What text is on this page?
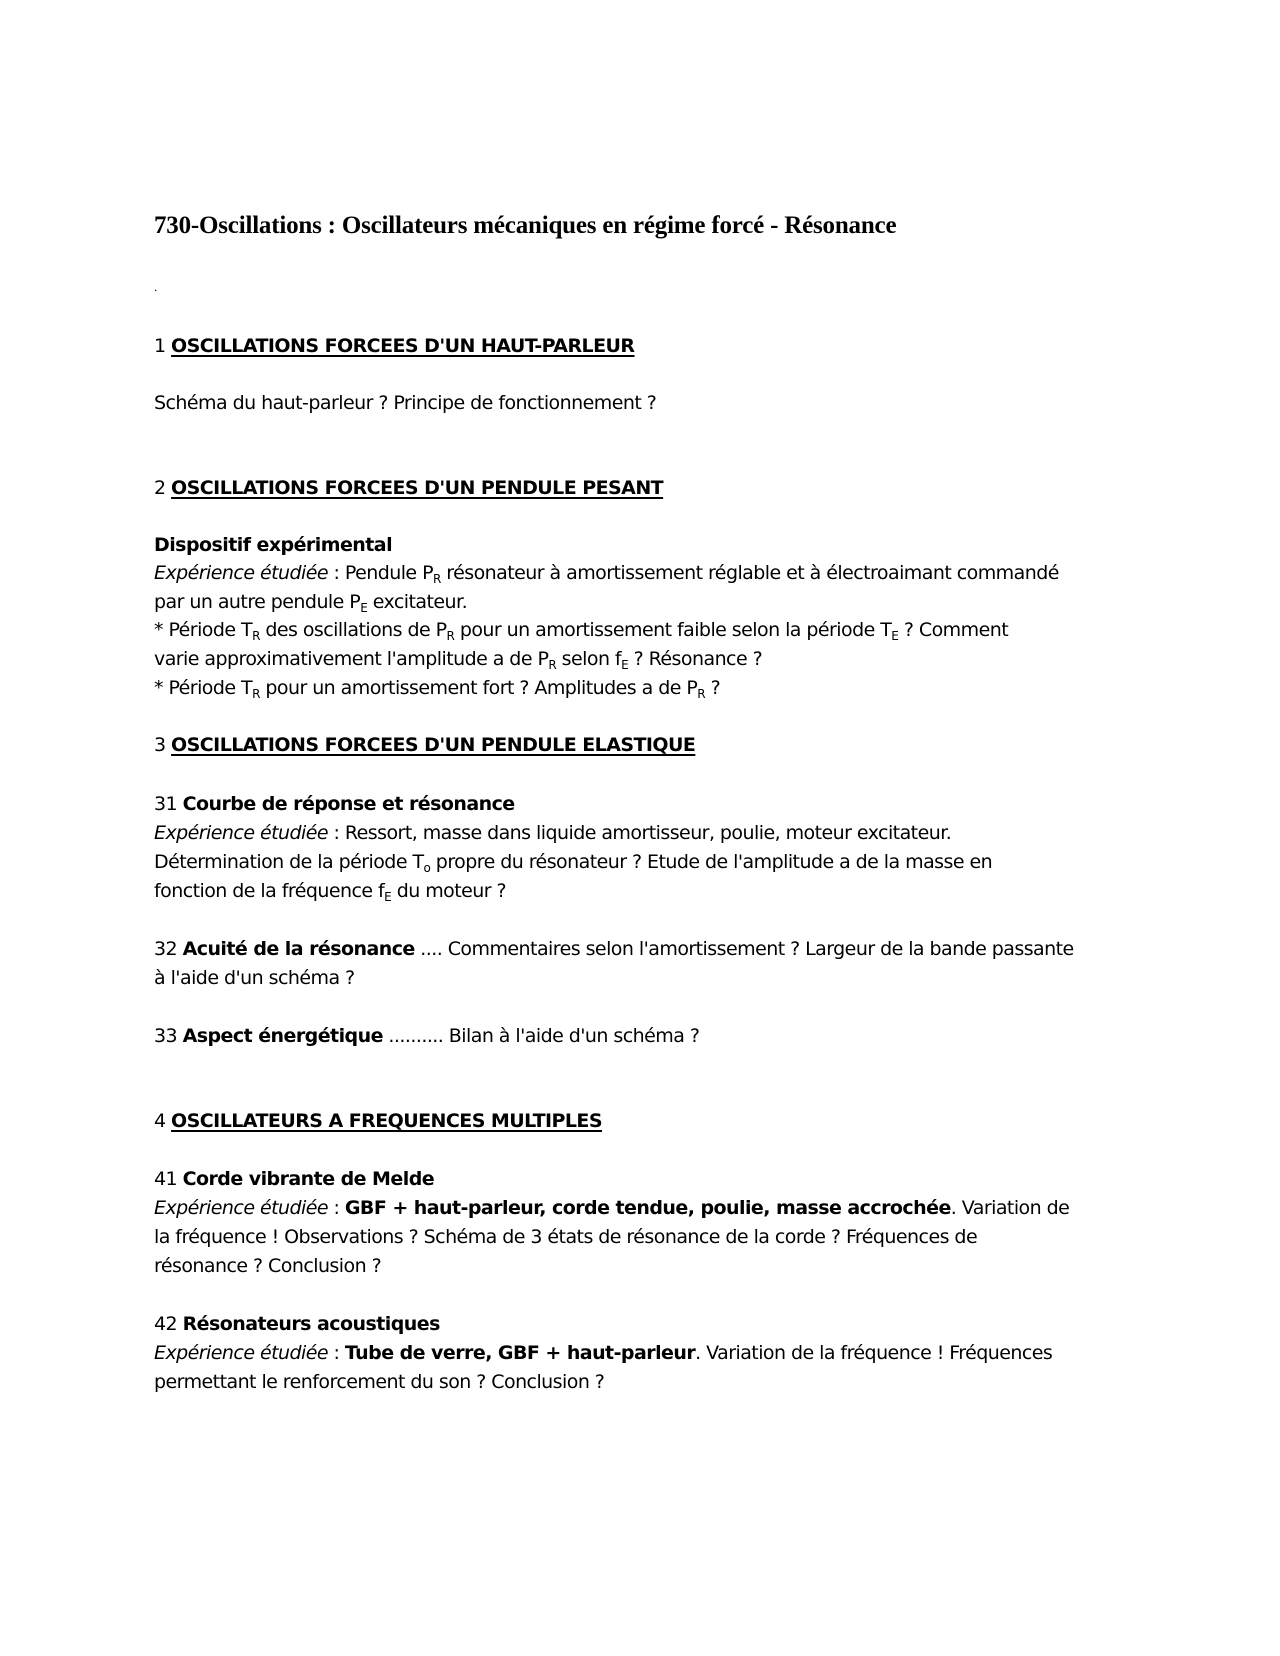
730-Oscillations : Oscillateurs mécaniques en régime forcé - Résonance
.

1 OSCILLATIONS FORCEES D'UN HAUT-PARLEUR

Schéma du haut-parleur ? Principe de fonctionnement ?

2 OSCILLATIONS FORCEES D'UN PENDULE PESANT

Dispositif expérimental

Expérience étudiée : Pendule $P_R$ résonateur à amortissement réglable et à électroaimant commandé

par un autre pendule $P_E$ excitateur.

* Période $T_R$ des oscillations de $P_R$ pour un amortissement faible selon la période $T_E$ ? Comment

varie approximativement l'amplitude a de $P_R$ selon $f_E$ ? Résonance ?

* Période $T_R$ pour un amortissement fort ? Amplitudes a de $P_R$ ?

3 OSCILLATIONS FORCEES D'UN PENDULE ELASTIQUE

31 Courbe de réponse et résonance

Expérience étudiée : Ressort, masse dans liquide amortisseur, poulie, moteur excitateur.

Détermination de la période $T_o$ propre du résonateur ? Etude de l'amplitude a de la masse en

fonction de la fréquence $f_E$ du moteur ?

32 Acuité de la résonance .... Commentaires selon l'amortissement ? Largeur de la bande passante

à l'aide d'un schéma ?

33 Aspect énergétique .......... Bilan à l'aide d'un schéma ?

4 OSCILLATEURS A FREQUENCES MULTIPLES

41 Corde vibrante de Melde

Expérience étudiée : GBF + haut-parleur, corde tendue, poulie, masse accrochée. Variation de

la fréquence ! Observations ? Schéma de 3 états de résonance de la corde ? Fréquences de

résonance ? Conclusion ?

42 Résonateurs acoustiques

Expérience étudiée : Tube de verre, GBF + haut-parleur. Variation de la fréquence ! Fréquences

permettant le renforcement du son ? Conclusion ?
